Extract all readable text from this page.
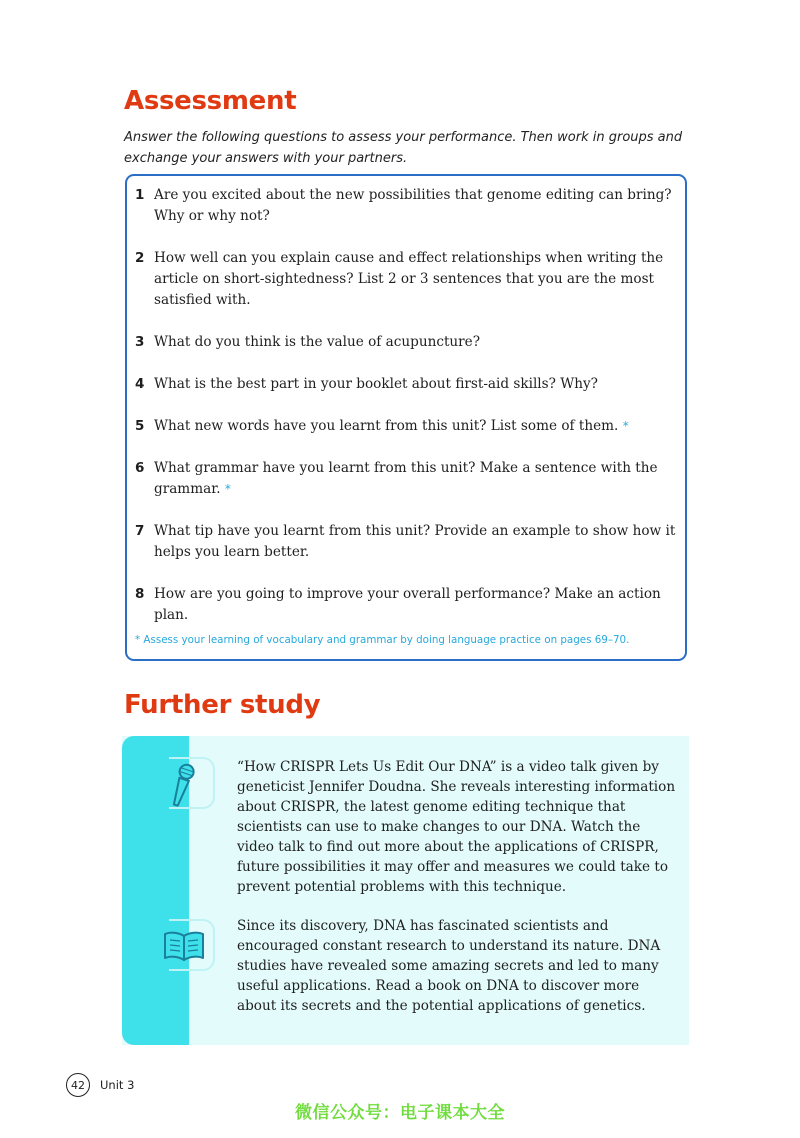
Assessment

Answer the following questions to assess your performance. Then work in groups and exchange your answers with your partners.

1 Are you excited about the new possibilities that genome editing can bring? Why or why not?
2 How well can you explain cause and effect relationships when writing the article on short-sightedness? List 2 or 3 sentences that you are the most satisfied with.
3 What do you think is the value of acupuncture?
4 What is the best part in your booklet about first-aid skills? Why?
5 What new words have you learnt from this unit? List some of them. *
6 What grammar have you learnt from this unit? Make a sentence with the grammar. *
7 What tip have you learnt from this unit? Provide an example to show how it helps you learn better.
8 How are you going to improve your overall performance? Make an action plan.
* Assess your learning of vocabulary and grammar by doing language practice on pages 69–70.
Further study

“How CRISPR Lets Us Edit Our DNA” is a video talk given by geneticist Jennifer Doudna. She reveals interesting information about CRISPR, the latest genome editing technique that scientists can use to make changes to our DNA. Watch the video talk to find out more about the applications of CRISPR, future possibilities it may offer and measures we could take to prevent potential problems with this technique.

Since its discovery, DNA has fascinated scientists and encouraged constant research to understand its nature. DNA studies have revealed some amazing secrets and led to many useful applications. Read a book on DNA to discover more about its secrets and the potential applications of genetics.

42	Unit 3
微信公众号：电子课本大全
